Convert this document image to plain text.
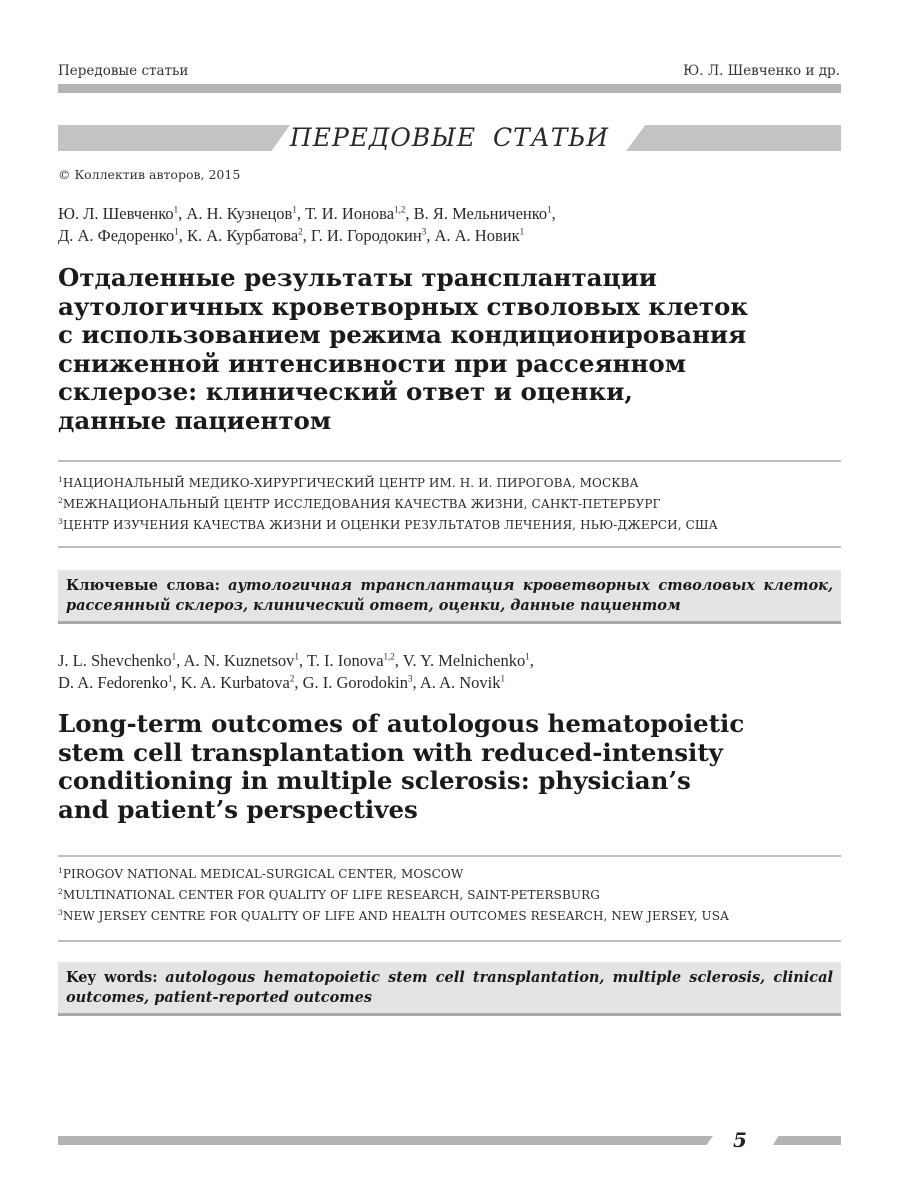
Передовые статьи	Ю. Л. Шевченко и др.
ПЕРЕДОВЫЕ СТАТЬИ
© Коллектив авторов, 2015
Ю. Л. Шевченко$^1$, А. Н. Кузнецов$^1$, Т. И. Ионова$^{1,2}$, В. Я. Мельниченко$^1$,
Д. А. Федоренко$^1$, К. А. Курбатова$^2$, Г. И. Городокин$^3$, А. А. Новик$^1$
Отдаленные результаты трансплантации
аутологичных кроветворных стволовых клеток
с использованием режима кондиционирования
сниженной интенсивности при рассеянном
склерозе: клинический ответ и оценки,
данные пациентом
$^1$НАЦИОНАЛЬНЫЙ МЕДИКО-ХИРУРГИЧЕСКИЙ ЦЕНТР ИМ. Н. И. ПИРОГОВА, МОСКВА
$^2$МЕЖНАЦИОНАЛЬНЫЙ ЦЕНТР ИССЛЕДОВАНИЯ КАЧЕСТВА ЖИЗНИ, САНКТ-ПЕТЕРБУРГ
$^3$ЦЕНТР ИЗУЧЕНИЯ КАЧЕСТВА ЖИЗНИ И ОЦЕНКИ РЕЗУЛЬТАТОВ ЛЕЧЕНИЯ, НЬЮ-ДЖЕРСИ, США
Ключевые слова: аутологичная трансплантация кроветворных стволовых клеток, рассеянный склероз, клинический ответ, оценки, данные пациентом
J. L. Shevchenko$^1$, A. N. Kuznetsov$^1$, T. I. Ionova$^{1,2}$, V. Y. Melnichenko$^1$,
D. A. Fedorenko$^1$, K. A. Kurbatova$^2$, G. I. Gorodokin$^3$, A. A. Novik$^1$
Long-term outcomes of autologous hematopoietic
stem cell transplantation with reduced-intensity
conditioning in multiple sclerosis: physician’s
and patient’s perspectives
$^1$PIROGOV NATIONAL MEDICAL-SURGICAL CENTER, MOSCOW
$^2$MULTINATIONAL CENTER FOR QUALITY OF LIFE RESEARCH, SAINT-PETERSBURG
$^3$NEW JERSEY CENTRE FOR QUALITY OF LIFE AND HEALTH OUTCOMES RESEARCH, NEW JERSEY, USA
Key words: autologous hematopoietic stem cell transplantation, multiple sclerosis, clinical outcomes, patient-reported outcomes
5
